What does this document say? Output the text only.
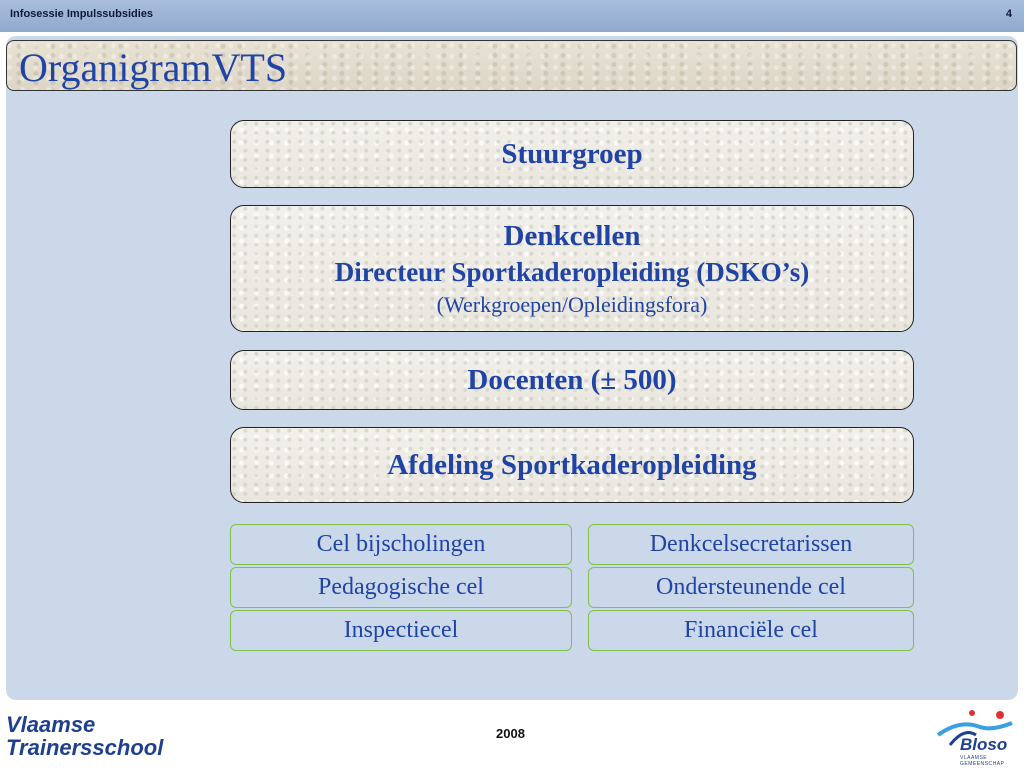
Infosessie Impulssubsidies	4
OrganigramVTS
Stuurgroep
Denkcellen
Directeur Sportkaderopleiding (DSKO’s)
(Werkgroepen/Opleidingsfora)
Docenten (± 500)
Afdeling Sportkaderopleiding
Cel bijscholingen
Pedagogische cel
Inspectiecel
Denkcelsecretarissen
Ondersteunende cel
Financiële cel
Vlaamse
Trainersschool
2008
Bloso
VLAAMSE GEMEENSCHAP
